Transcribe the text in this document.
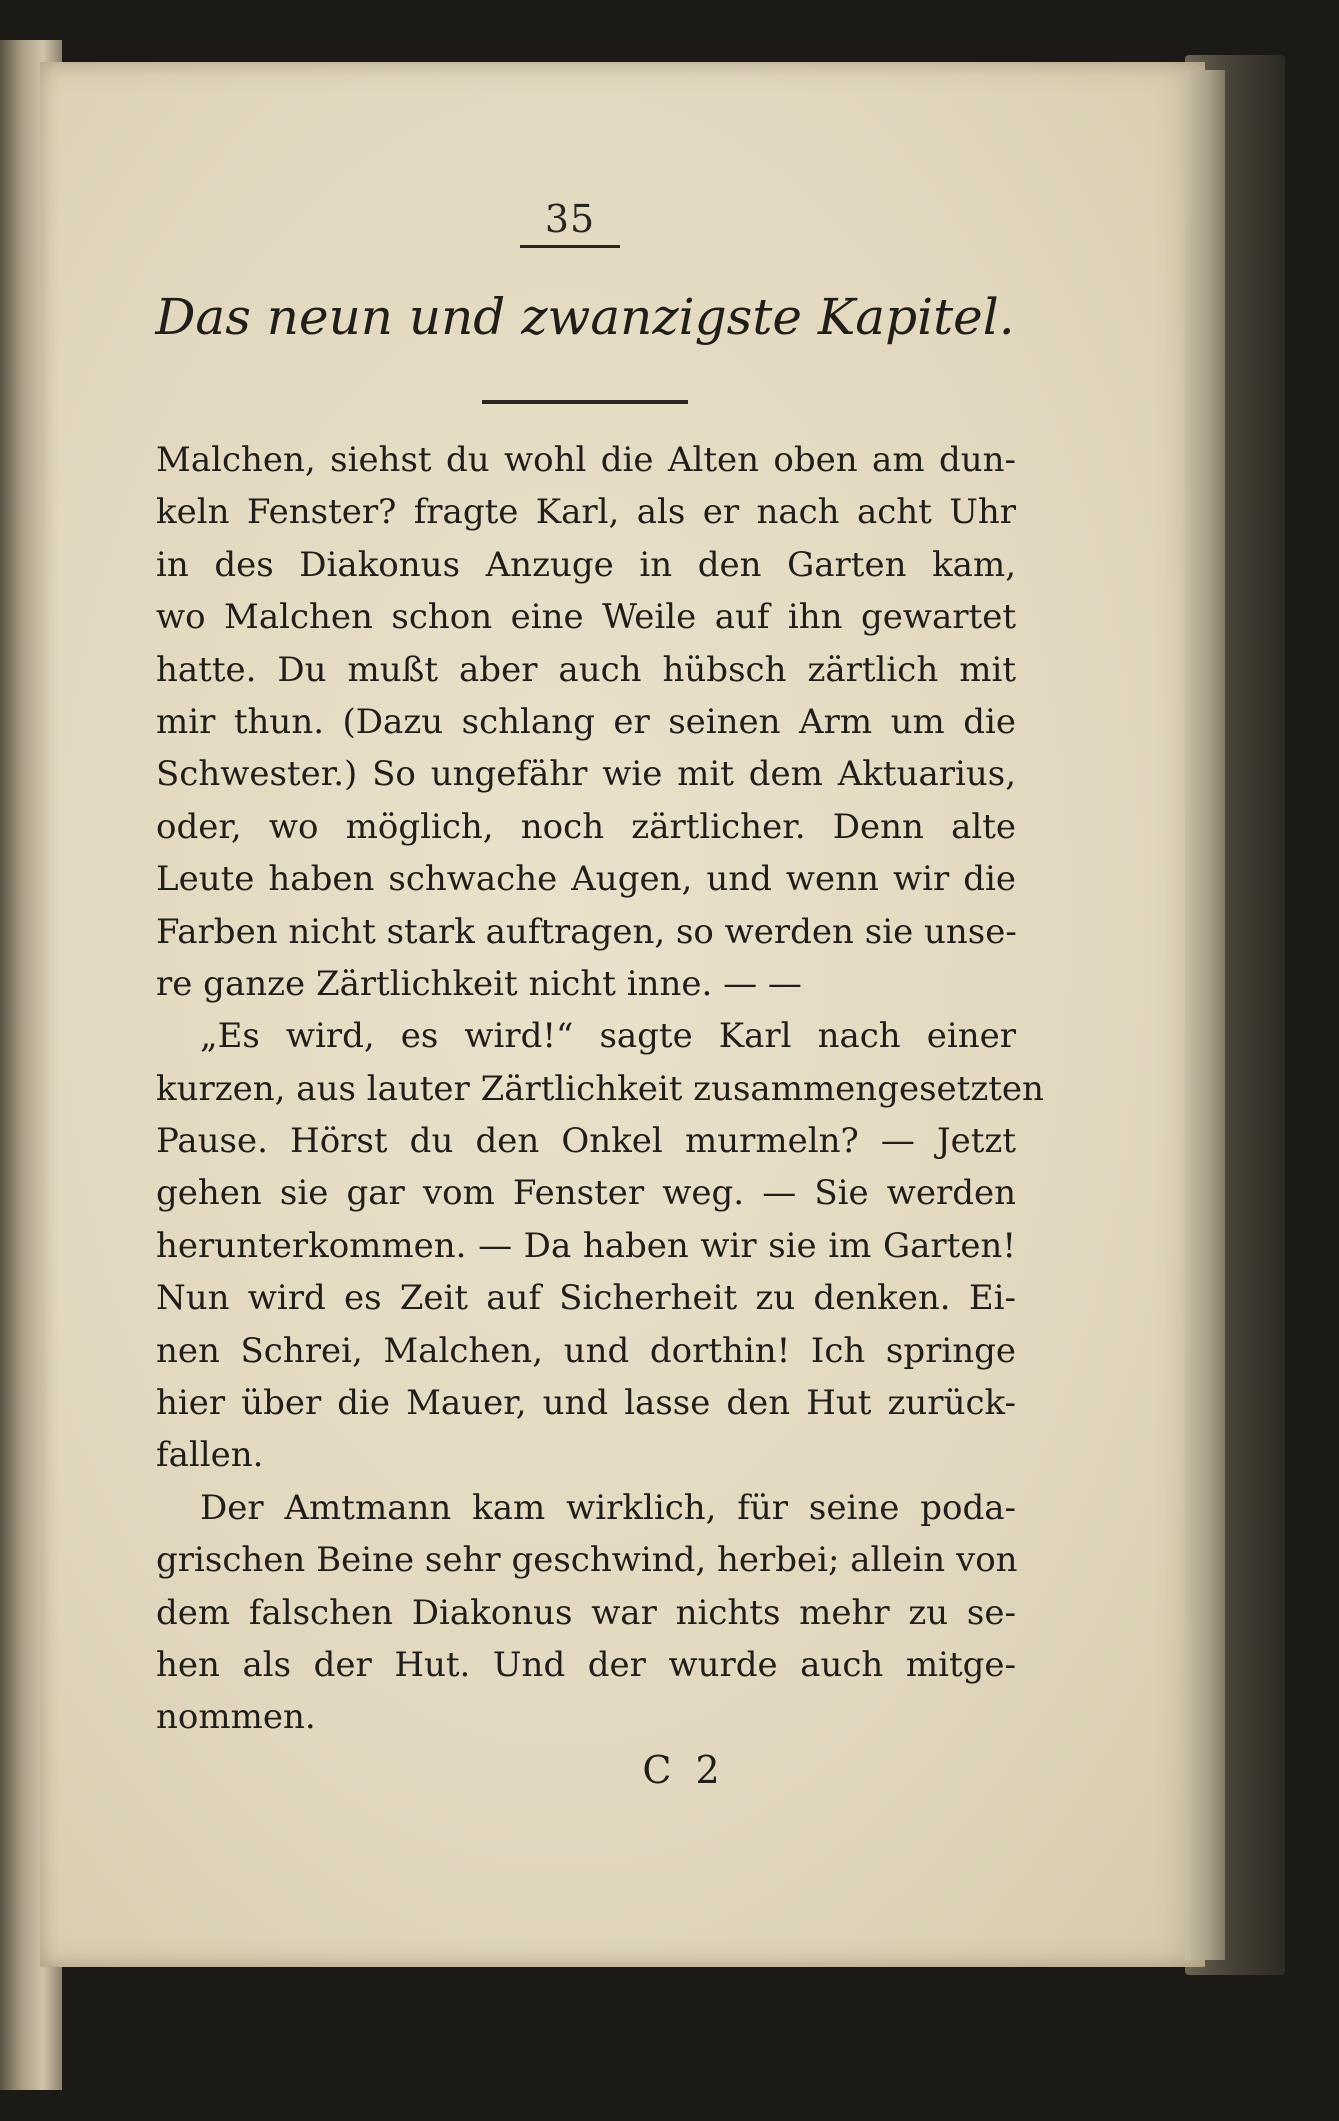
35
Das neun und zwanzigste Kapitel.
Malchen, siehst du wohl die Alten oben am dun-
keln Fenster? fragte Karl, als er nach acht Uhr
in des Diakonus Anzuge in den Garten kam,
wo Malchen schon eine Weile auf ihn gewartet
hatte. Du mußt aber auch hübsch zärtlich mit
mir thun. (Dazu schlang er seinen Arm um die
Schwester.) So ungefähr wie mit dem Aktuarius,
oder, wo möglich, noch zärtlicher. Denn alte
Leute haben schwache Augen, und wenn wir die
Farben nicht stark auftragen, so werden sie unse-
re ganze Zärtlichkeit nicht inne. — —
„Es wird, es wird!“ sagte Karl nach einer
kurzen, aus lauter Zärtlichkeit zusammengesetzten
Pause. Hörst du den Onkel murmeln? — Jetzt
gehen sie gar vom Fenster weg. — Sie werden
herunterkommen. — Da haben wir sie im Garten!
Nun wird es Zeit auf Sicherheit zu denken. Ei-
nen Schrei, Malchen, und dorthin! Ich springe
hier über die Mauer, und lasse den Hut zurück-
fallen.
Der Amtmann kam wirklich, für seine poda-
grischen Beine sehr geschwind, herbei; allein von
dem falschen Diakonus war nichts mehr zu se-
hen als der Hut. Und der wurde auch mitge-
nommen.
C 2
